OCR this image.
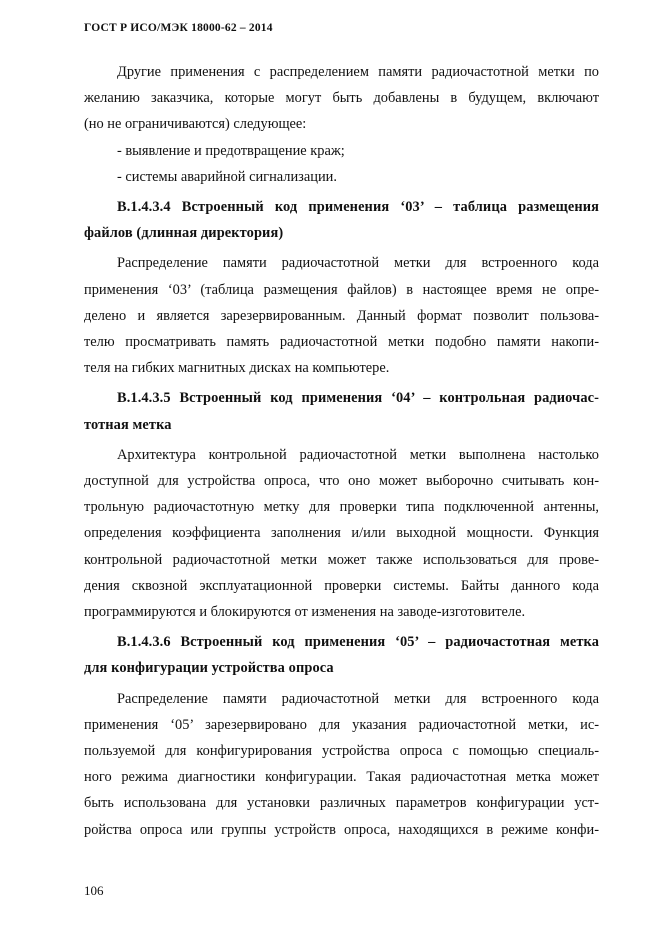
ГОСТ Р ИСО/МЭК 18000-62 – 2014
Другие применения с распределением памяти радиочастотной метки по
желанию заказчика, которые могут быть добавлены в будущем, включают
(но не ограничиваются) следующее:
- выявление и предотвращение краж;
- системы аварийной сигнализации.
В.1.4.3.4 Встроенный код применения ‘03’ – таблица размещения
файлов (длинная директория)
Распределение памяти радиочастотной метки для встроенного кода
применения ‘03’ (таблица размещения файлов) в настоящее время не опре-
делено и является зарезервированным. Данный формат позволит пользова-
телю просматривать память радиочастотной метки подобно памяти накопи-
теля на гибких магнитных дисках на компьютере.
В.1.4.3.5 Встроенный код применения ‘04’ – контрольная радиочас-
тотная метка
Архитектура контрольной радиочастотной метки выполнена настолько
доступной для устройства опроса, что оно может выборочно считывать кон-
трольную радиочастотную метку для проверки типа подключенной антенны,
определения коэффициента заполнения и/или выходной мощности. Функция
контрольной радиочастотной метки может также использоваться для прове-
дения сквозной эксплуатационной проверки системы. Байты данного кода
программируются и блокируются от изменения на заводе-изготовителе.
В.1.4.3.6 Встроенный код применения ‘05’ – радиочастотная метка
для конфигурации устройства опроса
Распределение памяти радиочастотной метки для встроенного кода
применения ‘05’ зарезервировано для указания радиочастотной метки, ис-
пользуемой для конфигурирования устройства опроса с помощью специаль-
ного режима диагностики конфигурации. Такая радиочастотная метка может
быть использована для установки различных параметров конфигурации уст-
ройства опроса или группы устройств опроса, находящихся в режиме конфи-
106
